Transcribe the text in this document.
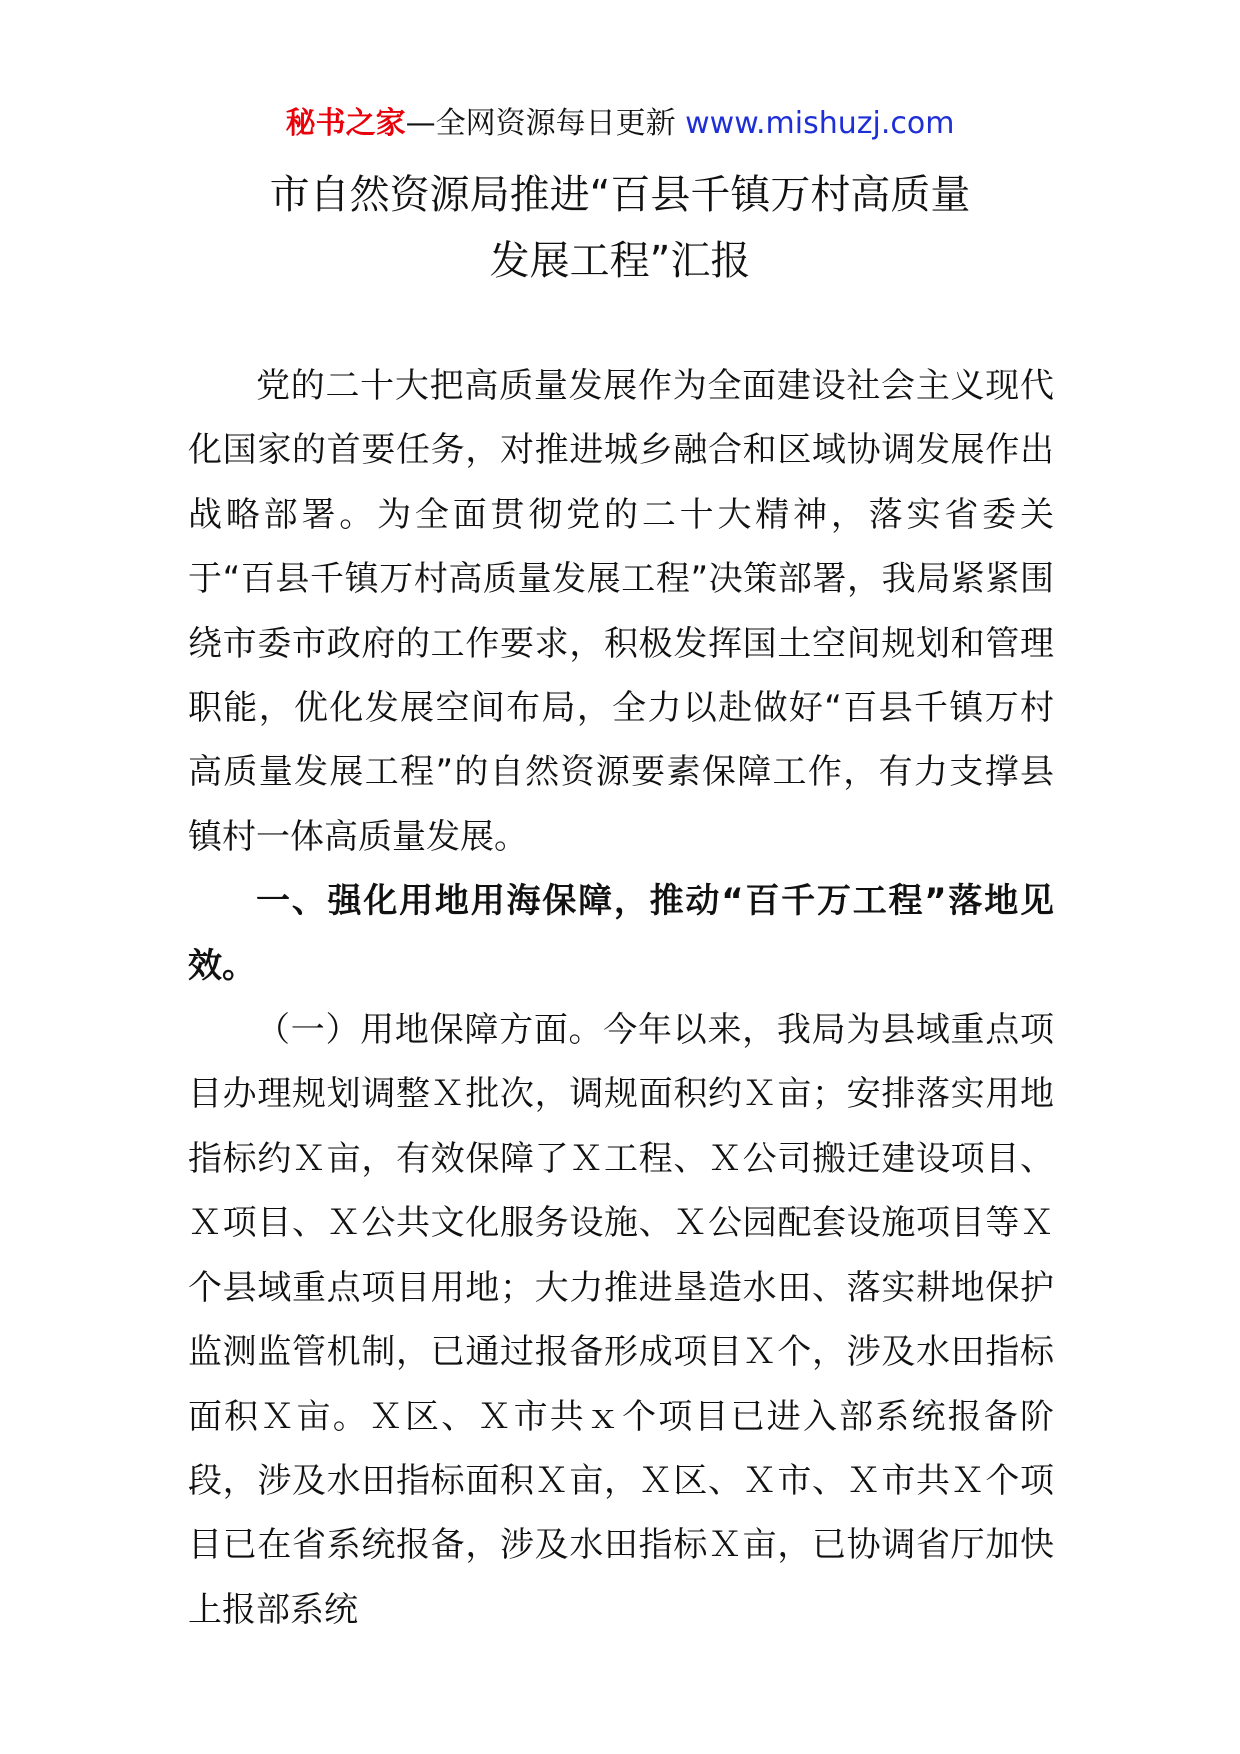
秘书之家—全网资源每日更新 www.mishuzj.com
市自然资源局推进“百县千镇万村高质量
发展工程”汇报

党的二十大把高质量发展作为全面建设社会主义现代化国家的首要任务，对推进城乡融合和区域协调发展作出战略部署。为全面贯彻党的二十大精神，落实省委关于“百县千镇万村高质量发展工程”决策部署，我局紧紧围绕市委市政府的工作要求，积极发挥国土空间规划和管理职能，优化发展空间布局，全力以赴做好“百县千镇万村高质量发展工程”的自然资源要素保障工作，有力支撑县镇村一体高质量发展。

一、强化用地用海保障，推动“百千万工程”落地见效。

（一）用地保障方面。今年以来，我局为县域重点项目办理规划调整Ｘ批次，调规面积约Ｘ亩；安排落实用地指标约Ｘ亩，有效保障了Ｘ工程、Ｘ公司搬迁建设项目、Ｘ项目、Ｘ公共文化服务设施、Ｘ公园配套设施项目等Ｘ个县域重点项目用地；大力推进垦造水田、落实耕地保护监测监管机制，已通过报备形成项目Ｘ个，涉及水田指标面积Ｘ亩。Ｘ区、Ｘ市共ｘ个项目已进入部系统报备阶段，涉及水田指标面积Ｘ亩，Ｘ区、Ｘ市、Ｘ市共Ｘ个项目已在省系统报备，涉及水田指标Ｘ亩，已协调省厅加快上报部系统
